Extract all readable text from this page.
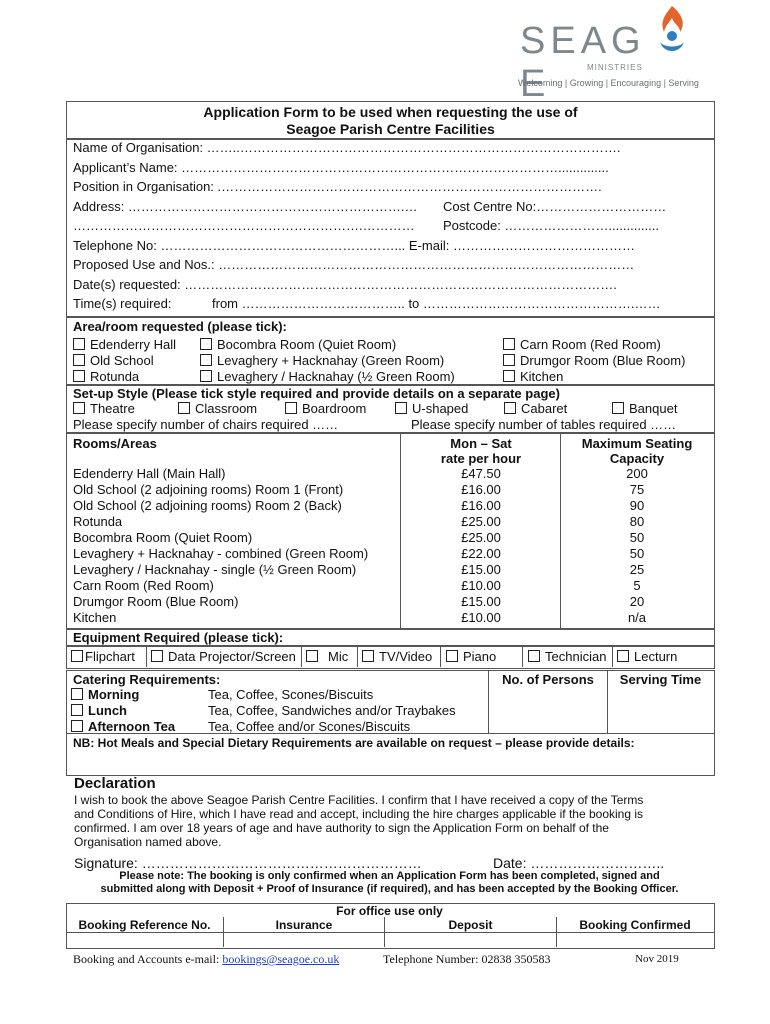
SEAGE	MINISTRIES
Welcoming | Growing | Encouraging | Serving
Application Form to be used when requesting the use of
Seagoe Parish Centre Facilities
Name of Organisation: ……..…………………………………………………………………………….
Applicant’s Name: ……………………………………………………………………………..............
Position in Organisation: .…………………………………………………………………………….
Address: ……………………………………………………….… Cost Centre No:…………………………
………………………………………………………….………… Postcode: ……………………..............
Telephone No: ………………………………………………... E-mail: ……………………………………
Proposed Use and Nos.: ……………………………………………………………………………………
Date(s) requested: ……………………………………………………………………………………….
Time(s) required:	from ……………………………….. to ………………………………………….……
Area/room requested (please tick):
Edenderry Hall
Old School
Rotunda
Bocombra Room (Quiet Room)
Levaghery + Hacknahay (Green Room)
Levaghery / Hacknahay (½ Green Room)
Carn Room (Red Room)
Drumgor Room (Blue Room)
Kitchen
Set-up Style (Please tick style required and provide details on a separate page)
Theatre	Classroom	Boardroom	U-shaped	Cabaret	Banquet
Please specify number of chairs required ……	Please specify number of tables required ……
Rooms/Areas	Mon – Sat
rate per hour
Maximum Seating
Capacity
Edenderry Hall (Main Hall)	£47.50	200
Old School (2 adjoining rooms) Room 1 (Front)	£16.00	75
Old School (2 adjoining rooms) Room 2 (Back)	£16.00	90
Rotunda	£25.00	80
Bocombra Room (Quiet Room)	£25.00	50
Levaghery + Hacknahay - combined (Green Room)	£22.00	50
Levaghery / Hacknahay - single (½ Green Room)	£15.00	25
Carn Room (Red Room)	£10.00	5
Drumgor Room (Blue Room)	£15.00	20
Kitchen	£10.00	n/a
Equipment Required (please tick):
Flipchart	Data Projector/Screen	Mic	TV/Video	Piano	Technician	Lecturn
Catering Requirements:	No. of Persons	Serving Time
Morning	Tea, Coffee, Scones/Biscuits
Lunch	Tea, Coffee, Sandwiches and/or Traybakes
Afternoon Tea	Tea, Coffee and/or Scones/Biscuits
NB: Hot Meals and Special Dietary Requirements are available on request – please provide details:
Declaration
I wish to book the above Seagoe Parish Centre Facilities. I confirm that I have received a copy of the Terms
and Conditions of Hire, which I have read and accept, including the hire charges applicable if the booking is
confirmed. I am over 18 years of age and have authority to sign the Application Form on behalf of the
Organisation named above.
Signature: ……………………………………………………	Date: ………………………..
Please note: The booking is only confirmed when an Application Form has been completed, signed and
submitted along with Deposit + Proof of Insurance (if required), and has been accepted by the Booking Officer.
For office use only
Booking Reference No.	Insurance	Deposit	Booking Confirmed
Booking and Accounts e-mail: bookings@seagoe.co.uk	Telephone Number: 02838 350583	Nov 2019
